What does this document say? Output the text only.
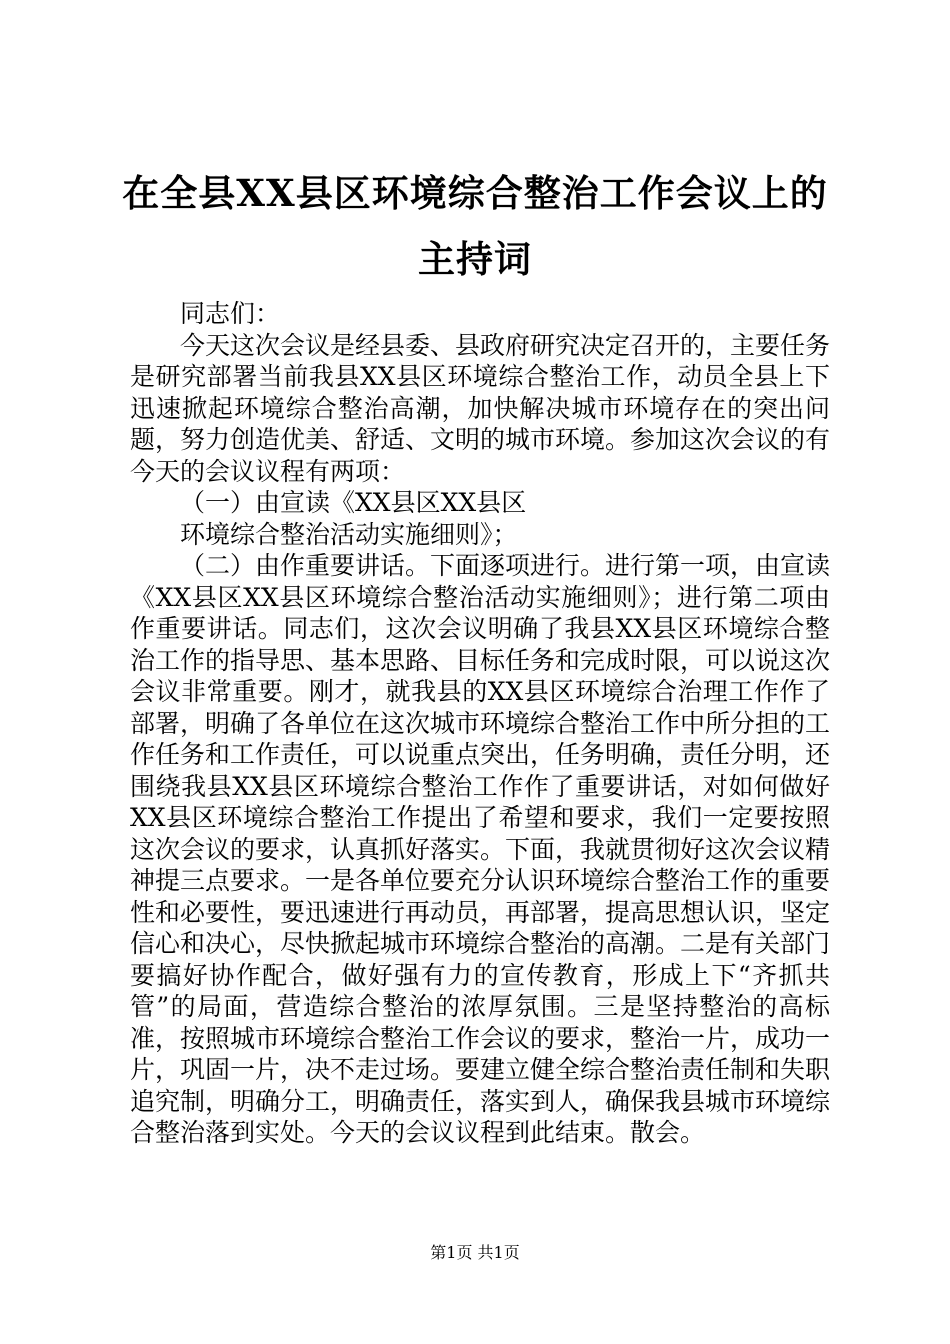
在全县XX县区环境综合整治工作会议上的主持词

同志们：

今天这次会议是经县委、县政府研究决定召开的，主要任务是研究部署当前我县XX县区环境综合整治工作，动员全县上下迅速掀起环境综合整治高潮，加快解决城市环境存在的突出问题，努力创造优美、舒适、文明的城市环境。参加这次会议的有今天的会议议程有两项：

（一）由宣读《XX县区XX县区

环境综合整治活动实施细则》；

（二）由作重要讲话。下面逐项进行。进行第一项，由宣读《XX县区XX县区环境综合整治活动实施细则》；进行第二项由作重要讲话。同志们，这次会议明确了我县XX县区环境综合整治工作的指导思、基本思路、目标任务和完成时限，可以说这次会议非常重要。刚才，就我县的XX县区环境综合治理工作作了部署，明确了各单位在这次城市环境综合整治工作中所分担的工作任务和工作责任，可以说重点突出，任务明确，责任分明，还围绕我县XX县区环境综合整治工作作了重要讲话，对如何做好XX县区环境综合整治工作提出了希望和要求，我们一定要按照这次会议的要求，认真抓好落实。下面，我就贯彻好这次会议精神提三点要求。一是各单位要充分认识环境综合整治工作的重要性和必要性，要迅速进行再动员，再部署，提高思想认识，坚定信心和决心，尽快掀起城市环境综合整治的高潮。二是有关部门要搞好协作配合，做好强有力的宣传教育，形成上下“齐抓共管”的局面，营造综合整治的浓厚氛围。三是坚持整治的高标准，按照城市环境综合整治工作会议的要求，整治一片，成功一片，巩固一片，决不走过场。要建立健全综合整治责任制和失职追究制，明确分工，明确责任，落实到人，确保我县城市环境综合整治落到实处。今天的会议议程到此结束。散会。

第1页 共1页
